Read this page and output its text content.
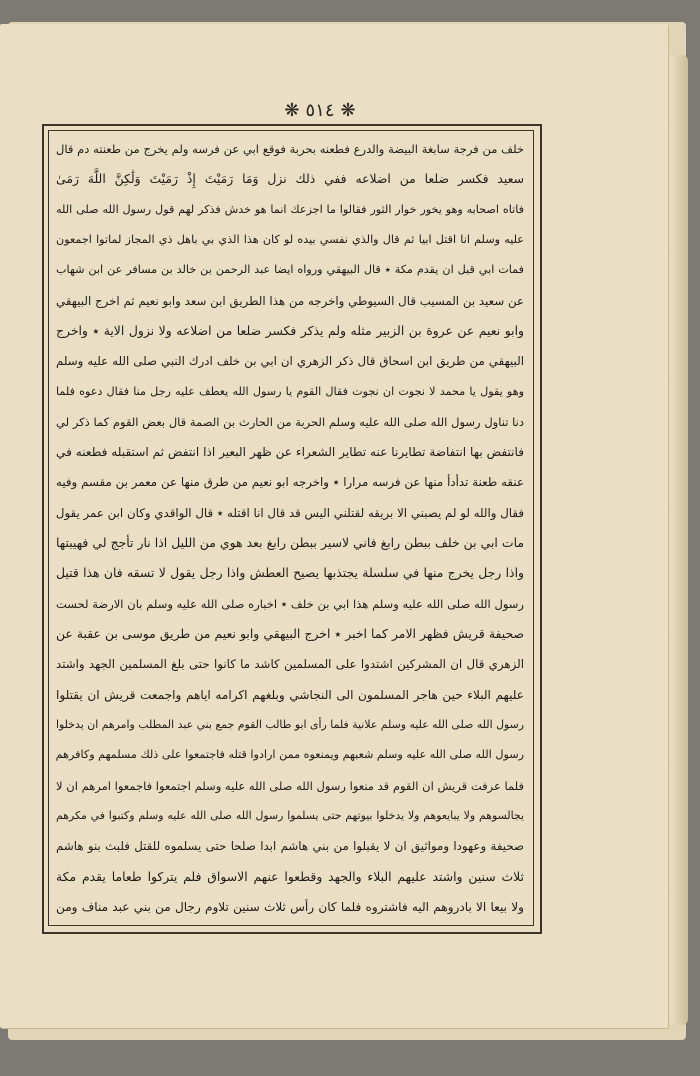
❋
٥١٤
❋
خلف من فرجة سابغة البيضة والدرع فطعنه بحربة فوقع ابي عن فرسه ولم يخرج من طعنته دم قال
سعيد فكسر ضلعا من اضلاعه ففي ذلك نزل وَمَا رَمَيْتَ إِذْ رَمَيْتَ وَلَٰكِنَّ اللَّهَ رَمَىٰ
فاتاه اصحابه وهو يخور خوار الثور فقالوا ما اجزعك انما هو خدش فذكر لهم قول رسول الله صلى الله
عليه وسلم انا اقتل ابيا ثم قال والذي نفسي بيده لو كان هذا الذي بي باهل ذي المجاز لماتوا اجمعون
فمات ابي قبل ان يقدم مكة ٭ قال البيهقي ورواه ايضا عبد الرحمن بن خالد بن مسافر عن ابن شهاب
عن سعيد بن المسيب قال السيوطي واخرجه من هذا الطريق ابن سعد وابو نعيم ثم اخرج البيهقي
وابو نعيم عن عروة بن الزبير مثله ولم يذكر فكسر ضلعا من اضلاعه ولا نزول الاية ٭ واخرج
البيهقي من طريق ابن اسحاق قال ذكر الزهري ان ابي بن خلف ادرك النبي صلى الله عليه وسلم
وهو يقول يا محمد لا نجوت ان نجوت فقال القوم يا رسول الله يعطف عليه رجل منا فقال دعوه فلما
دنا تناول رسول الله صلى الله عليه وسلم الحربة من الحارث بن الصمة قال بعض القوم كما ذكر لي
فانتفض بها انتفاضة تطايرنا عنه تطاير الشعراء عن ظهر البعير اذا انتفض ثم استقبله فطعنه في
عنقه طعنة تدأدأ منها عن فرسه مرارا ٭ واخرجه ابو نعيم من طرق منها عن معمر بن مقسم وفيه
فقال والله لو لم يصبني الا بريقه لقتلني اليس قد قال انا اقتله ٭ قال الواقدي وكان ابن عمر يقول
مات ابي بن خلف ببطن رابغ فاني لاسير ببطن رابغ بعد هوي من الليل اذا نار تأجج لي فهيبتها
واذا رجل يخرج منها في سلسلة يجتذبها يصيح العطش واذا رجل يقول لا تسقه فان هذا قتيل
رسول الله صلى الله عليه وسلم هذا ابي بن خلف ٭ اخباره صلى الله عليه وسلم بان الارضة لحست
صحيفة قريش فظهر الامر كما اخبر ٭ اخرج البيهقي وابو نعيم من طريق موسى بن عقبة عن
الزهري قال ان المشركين اشتدوا على المسلمين كاشد ما كانوا حتى بلغ المسلمين الجهد واشتد
عليهم البلاء حين هاجر المسلمون الى النجاشي وبلغهم اكرامه اياهم واجمعت قريش ان يقتلوا
رسول الله صلى الله عليه وسلم علانية فلما رأى ابو طالب القوم جمع بني عبد المطلب وامرهم ان يدخلوا
رسول الله صلى الله عليه وسلم شعبهم ويمنعوه ممن ارادوا قتله فاجتمعوا على ذلك مسلمهم وكافرهم
فلما عرفت قريش ان القوم قد منعوا رسول الله صلى الله عليه وسلم اجتمعوا فاجمعوا امرهم ان لا
يجالسوهم ولا يبايعوهم ولا يدخلوا بيوتهم حتى يسلموا رسول الله صلى الله عليه وسلم وكتبوا في مكرهم
صحيفة وعهودا ومواثيق ان لا يقبلوا من بني هاشم ابدا صلحا حتى يسلموه للقتل فلبث بنو هاشم
ثلاث سنين واشتد عليهم البلاء والجهد وقطعوا عنهم الاسواق فلم يتركوا طعاما يقدم مكة
ولا بيعا الا بادروهم اليه فاشتروه فلما كان رأس ثلاث سنين تلاوم رجال من بني عبد مناف ومن
